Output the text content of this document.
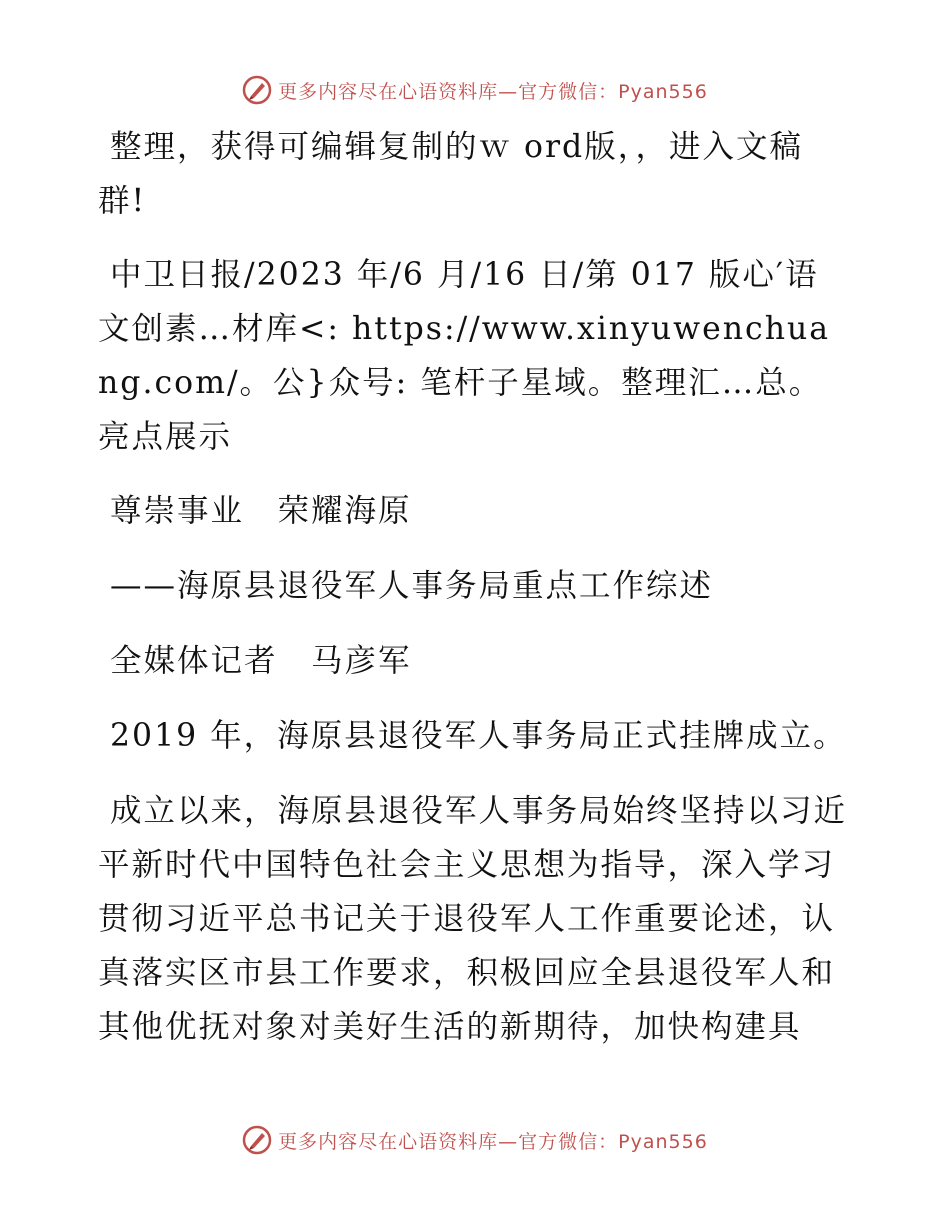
更多内容尽在心语资料库—官方微信：Pyan556

整理，获得可编辑复制的ｗ ord版，，进入文稿群!

中卫日报/2023 年/6 月/16 日/第 017 版心′语文创素…材库<: https://www.xinyuwenchuang.com/。公}众号: 笔杆子星域。整理汇…总。亮点展示

尊崇事业　荣耀海原

——海原县退役军人事务局重点工作综述

全媒体记者　马彦军

2019 年，海原县退役军人事务局正式挂牌成立。

成立以来，海原县退役军人事务局始终坚持以习近平新时代中国特色社会主义思想为指导，深入学习贯彻习近平总书记关于退役军人工作重要论述，认真落实区市县工作要求，积极回应全县退役军人和其他优抚对象对美好生活的新期待，加快构建具

更多内容尽在心语资料库—官方微信：Pyan556
